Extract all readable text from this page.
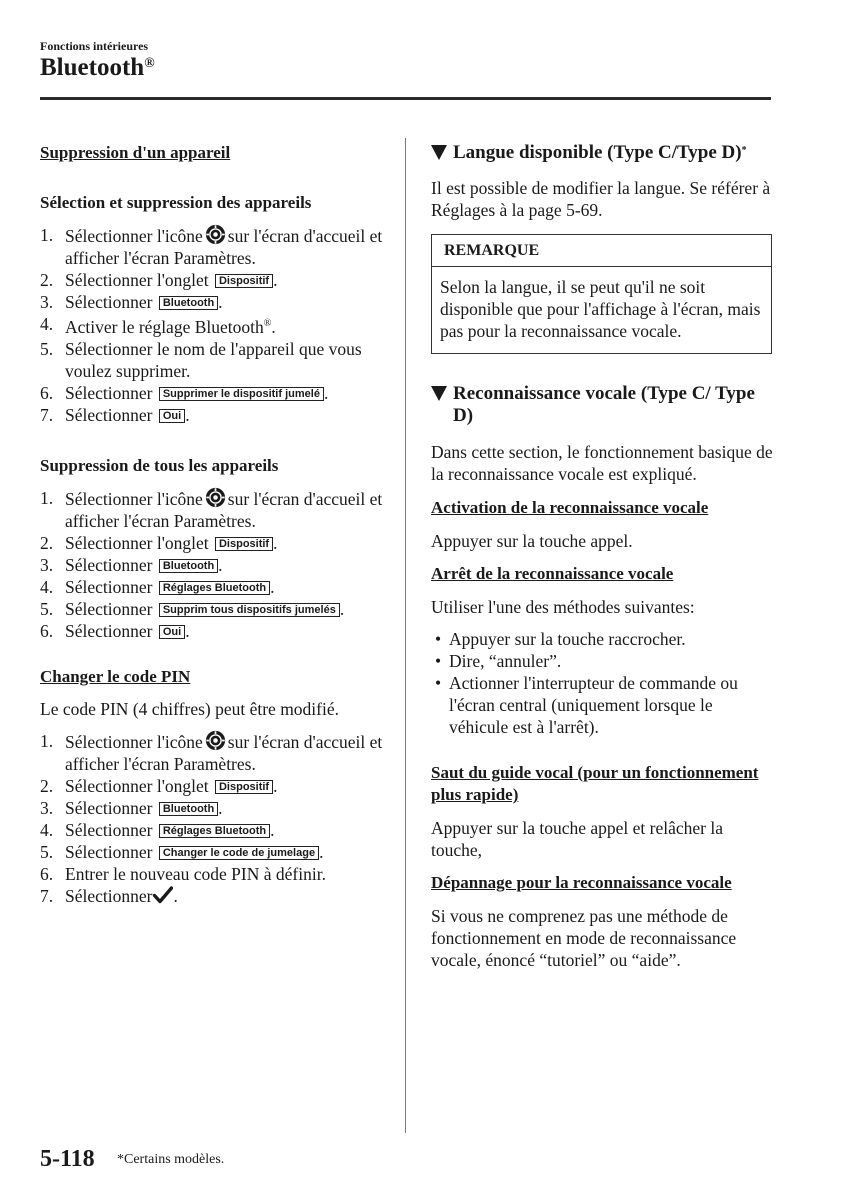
Fonctions intérieures
Bluetooth®

Suppression d'un appareil

Sélection et suppression des appareils

1. Sélectionner l'icône sur l'écran d'accueil et afficher l'écran Paramètres.
2. Sélectionner l'onglet Dispositif .
3. Sélectionner Bluetooth .
4. Activer le réglage Bluetooth®.
5. Sélectionner le nom de l'appareil que vous voulez supprimer.
6. Sélectionner Supprimer le dispositif jumelé .
7. Sélectionner Oui .

Suppression de tous les appareils

1. Sélectionner l'icône sur l'écran d'accueil et afficher l'écran Paramètres.
2. Sélectionner l'onglet Dispositif .
3. Sélectionner Bluetooth .
4. Sélectionner Réglages Bluetooth .
5. Sélectionner Supprim tous dispositifs jumelés .
6. Sélectionner Oui .

Changer le code PIN

Le code PIN (4 chiffres) peut être modifié.

1. Sélectionner l'icône sur l'écran d'accueil et afficher l'écran Paramètres.
2. Sélectionner l'onglet Dispositif .
3. Sélectionner Bluetooth .
4. Sélectionner Réglages Bluetooth .
5. Sélectionner Changer le code de jumelage .
6. Entrer le nouveau code PIN à définir.
7. Sélectionner .
Langue disponible (Type C/Type D)*

Il est possible de modifier la langue. Se référer à Réglages à la page 5-69.

REMARQUE
Selon la langue, il se peut qu'il ne soit disponible que pour l'affichage à l'écran, mais pas pour la reconnaissance vocale.
Reconnaissance vocale (Type C/ Type D)

Dans cette section, le fonctionnement basique de la reconnaissance vocale est expliqué.

Activation de la reconnaissance vocale

Appuyer sur la touche appel.

Arrêt de la reconnaissance vocale

Utiliser l'une des méthodes suivantes:

• Appuyer sur la touche raccrocher.
• Dire, “annuler”.
• Actionner l'interrupteur de commande ou l'écran central (uniquement lorsque le véhicule est à l'arrêt).

Saut du guide vocal (pour un fonctionnement plus rapide)

Appuyer sur la touche appel et relâcher la touche,

Dépannage pour la reconnaissance vocale

Si vous ne comprenez pas une méthode de fonctionnement en mode de reconnaissance vocale, énoncé “tutoriel” ou “aide”.

5-118 *Certains modèles.
